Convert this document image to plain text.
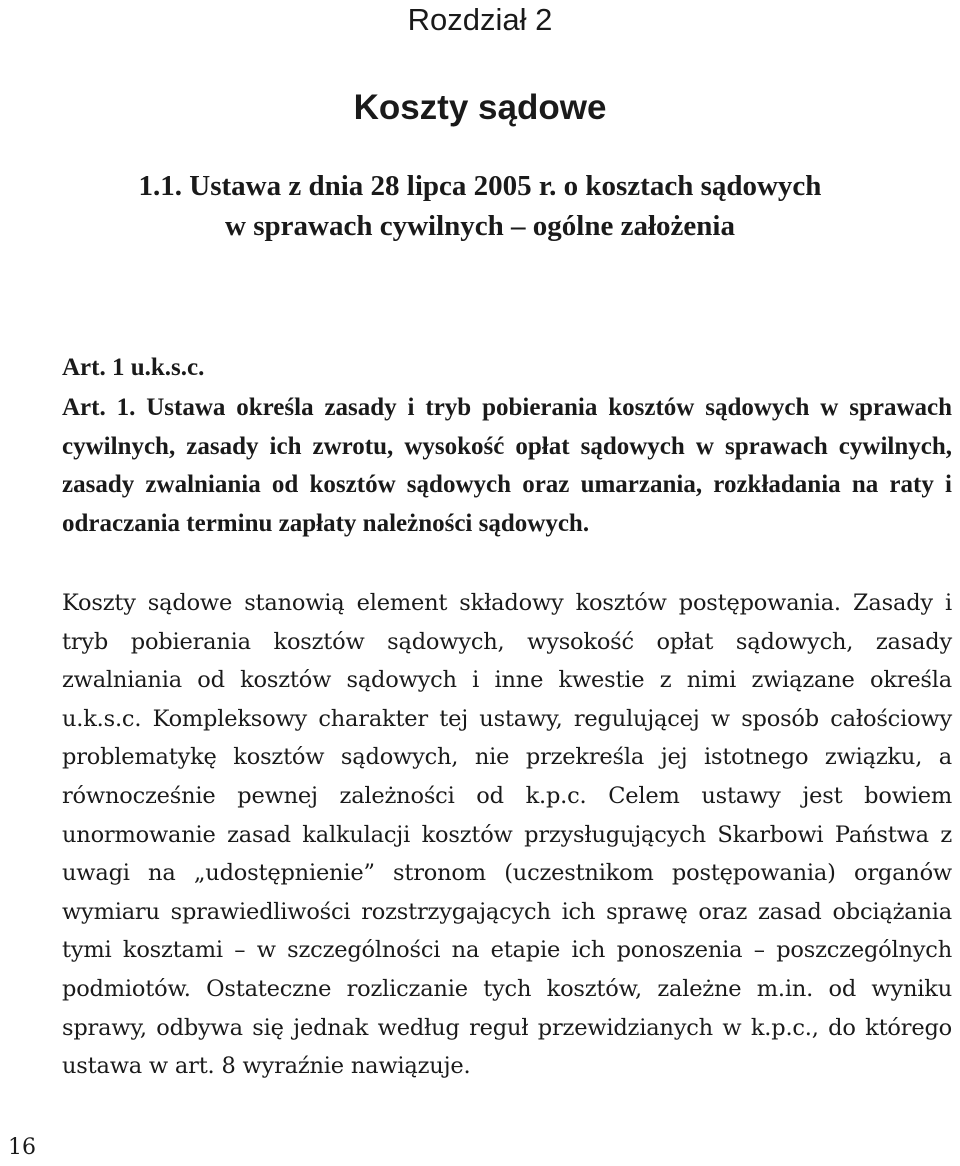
Rozdział 2
Koszty sądowe
1.1. Ustawa z dnia 28 lipca 2005 r. o kosztach sądowych
w sprawach cywilnych – ogólne założenia
Art. 1 u.k.s.c.

Art. 1. Ustawa określa zasady i tryb pobierania kosztów sądowych w sprawach cywilnych, zasady ich zwrotu, wysokość opłat sądowych w sprawach cywilnych, zasady zwalniania od kosztów sądowych oraz umarzania, rozkładania na raty i odraczania terminu zapłaty należności sądowych.

Koszty sądowe stanowią element składowy kosztów postępowania. Zasady i tryb pobierania kosztów sądowych, wysokość opłat sądowych, zasady zwalniania od kosztów sądowych i inne kwestie z nimi związane określa u.k.s.c. Kompleksowy charakter tej ustawy, regulującej w sposób całościowy problematykę kosztów sądowych, nie przekreśla jej istotnego związku, a równocześnie pewnej zależności od k.p.c. Celem ustawy jest bowiem unormowanie zasad kalkulacji kosztów przysługujących Skarbowi Państwa z uwagi na „udostępnienie” stronom (uczestnikom postępowania) organów wymiaru sprawiedliwości rozstrzygających ich sprawę oraz zasad obciążania tymi kosztami – w szczególności na etapie ich ponoszenia – poszczególnych podmiotów. Ostateczne rozliczanie tych kosztów, zależne m.in. od wyniku sprawy, odbywa się jednak według reguł przewidzianych w k.p.c., do którego ustawa w art. 8 wyraźnie nawiązuje.

16
